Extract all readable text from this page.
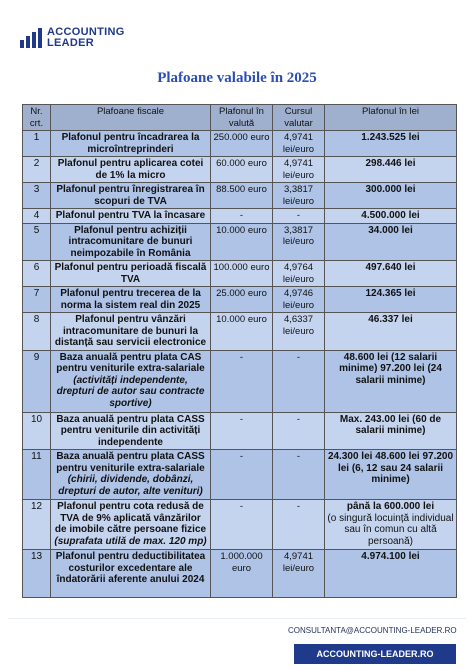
ACCOUNTING
LEADER
Plafoane valabile în 2025
Nr. crt.	Plafoane fiscale	Plafonul în valută	Cursul valutar	Plafonul în lei
1	Plafonul pentru încadrarea la microîntreprinderi	250.000 euro	4,9741 lei/euro	1.243.525 lei

2	Plafonul pentru aplicarea cotei de 1% la micro	60.000 euro	4,9741 lei/euro	298.446 lei

3	Plafonul pentru înregistrarea în scopuri de TVA	88.500 euro	3,3817 lei/euro	300.000 lei

4	Plafonul pentru TVA la încasare	-	-	4.500.000 lei

5	Plafonul pentru achiziții intracomunitare de bunuri neimpozabile în România	10.000 euro	3,3817 lei/euro	34.000 lei

6	Plafonul pentru perioadă fiscală TVA	100.000 euro	4,9764 lei/euro	497.640 lei

7	Plafonul pentru trecerea de la norma la sistem real din 2025	25.000 euro	4,9746 lei/euro	124.365 lei

8	Plafonul pentru vânzări intracomunitare de bunuri la distanță sau servicii electronice	10.000 euro	4,6337 lei/euro	46.337 lei

9	Baza anuală pentru plata CAS pentru veniturile extra-salariale (activități independente, drepturi de autor sau contracte sportive)	-	-	48.600 lei (12 salarii minime) 97.200 lei (24 salarii minime)

10	Baza anuală pentru plata CASS pentru veniturile din activități independente	-	-	Max. 243.00 lei (60 de salarii minime)

11	Baza anuală pentru plata CASS pentru veniturile extra-salariale (chirii, dividende, dobânzi, drepturi de autor, alte venituri)	-	-	24.300 lei 48.600 lei 97.200 lei (6, 12 sau 24 salarii minime)

12	Plafonul pentru cota redusă de TVA de 9% aplicată vânzărilor de imobile către persoane fizice (suprafata utilă de max. 120 mp)	-	-	până la 600.000 lei
(o singură locuință individual sau în comun cu altă persoană)

13	Plafonul pentru deductibilitatea costurilor excedentare ale îndatorării aferente anului 2024	1.000.000 euro	4,9741 lei/euro	4.974.100 lei
CONSULTANTA@ACCOUNTING-LEADER.RO
ACCOUNTING-LEADER.RO
